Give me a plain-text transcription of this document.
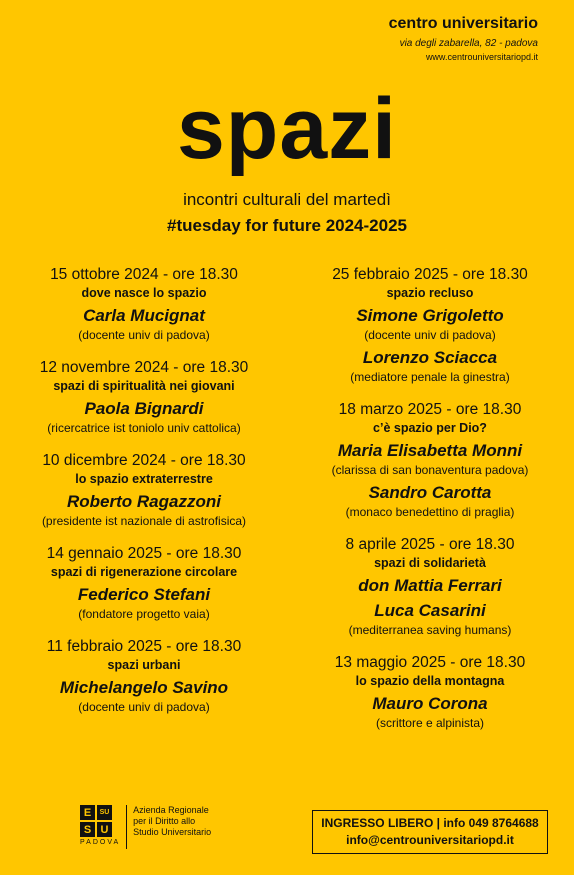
centro universitario
via degli zabarella, 82 - padova
www.centrouniversitariopd.it
spazi
incontri culturali del martedì
#tuesday for future 2024-2025
15 ottobre 2024 - ore 18.30
dove nasce lo spazio
Carla Mucignat
(docente univ di padova)
12 novembre 2024 - ore 18.30
spazi di spiritualità nei giovani
Paola Bignardi
(ricercatrice ist toniolo univ cattolica)
10 dicembre 2024 - ore 18.30
lo spazio extraterrestre
Roberto Ragazzoni
(presidente ist nazionale di astrofisica)
14 gennaio 2025 - ore 18.30
spazi di rigenerazione circolare
Federico Stefani
(fondatore progetto vaia)
11 febbraio 2025 - ore 18.30
spazi urbani
Michelangelo Savino
(docente univ di padova)
25 febbraio 2025 - ore 18.30
spazio recluso
Simone Grigoletto
(docente univ di padova)
Lorenzo Sciacca
(mediatore penale la ginestra)
18 marzo 2025 - ore 18.30
c’è spazio per Dio?
Maria Elisabetta Monni
(clarissa di san bonaventura padova)
Sandro Carotta
(monaco benedettino di praglia)
8 aprile 2025 - ore 18.30
spazi di solidarietà
don Mattia Ferrari
Luca Casarini
(mediterranea saving humans)
13 maggio 2025 - ore 18.30
lo spazio della montagna
Mauro Corona
(scrittore e alpinista)
E	SU
S U
PADOVA
Azienda Regionale
per il Diritto allo
Studio Universitario
INGRESSO LIBERO | info 049 8764688
info@centrouniversitariopd.it
